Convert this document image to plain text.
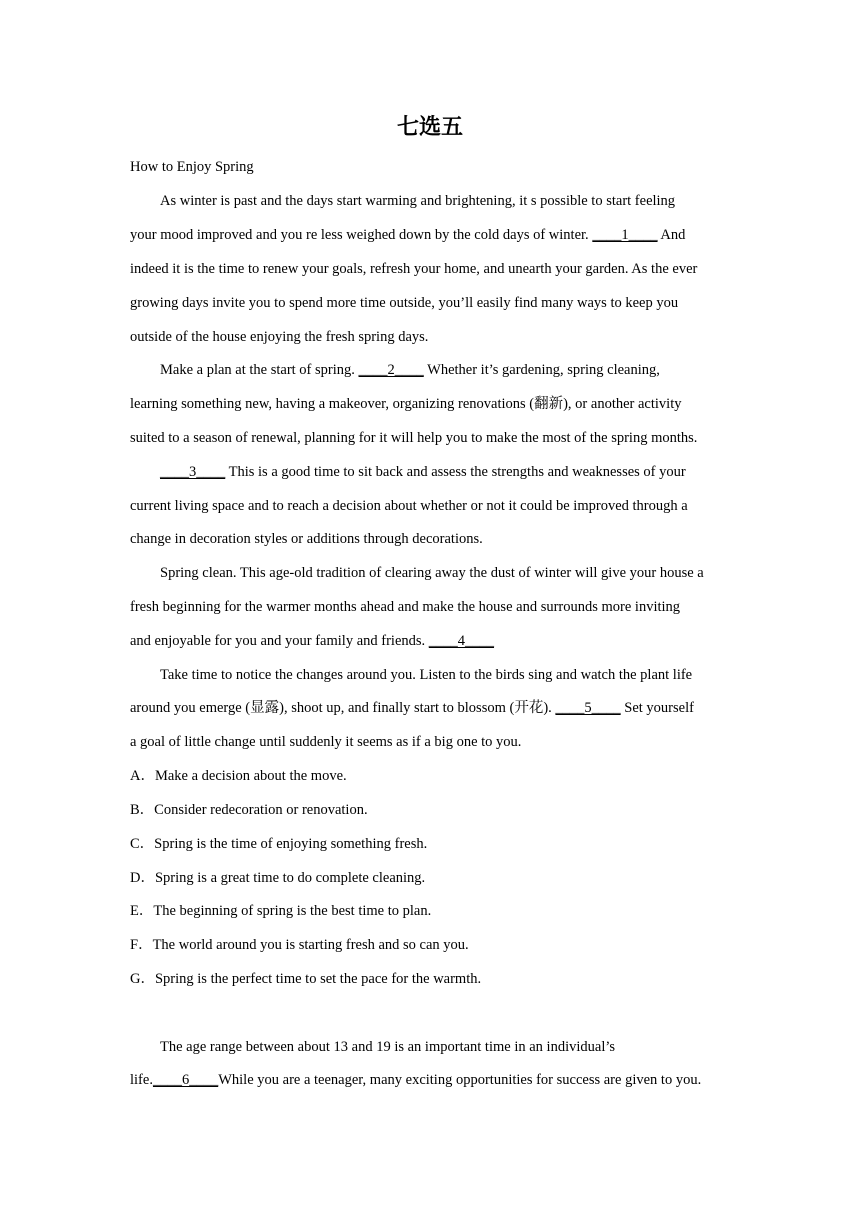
七选五
How to Enjoy Spring
As winter is past and the days start warming and brightening, it s possible to start feeling
your mood improved and you re less weighed down by the cold days of winter. ____1____ And
indeed it is the time to renew your goals, refresh your home, and unearth your garden. As the ever
growing days invite you to spend more time outside, you’ll easily find many ways to keep you
outside of the house enjoying the fresh spring days.
Make a plan at the start of spring. ____2____ Whether it’s gardening, spring cleaning,
learning something new, having a makeover, organizing renovations (翻新), or another activity
suited to a season of renewal, planning for it will help you to make the most of the spring months.
____3____ This is a good time to sit back and assess the strengths and weaknesses of your
current living space and to reach a decision about whether or not it could be improved through a
change in decoration styles or additions through decorations.
Spring clean. This age-old tradition of clearing away the dust of winter will give your house a
fresh beginning for the warmer months ahead and make the house and surrounds more inviting
and enjoyable for you and your family and friends. ____4____
Take time to notice the changes around you. Listen to the birds sing and watch the plant life
around you emerge (显露), shoot up, and finally start to blossom (开花). ____5____ Set yourself
a goal of little change until suddenly it seems as if a big one to you.
A．Make a decision about the move.
B．Consider redecoration or renovation.
C．Spring is the time of enjoying something fresh.
D．Spring is a great time to do complete cleaning.
E．The beginning of spring is the best time to plan.
F．The world around you is starting fresh and so can you.
G．Spring is the perfect time to set the pace for the warmth.
The age range between about 13 and 19 is an important time in an individual’s
life.____6____While you are a teenager, many exciting opportunities for success are given to you.
